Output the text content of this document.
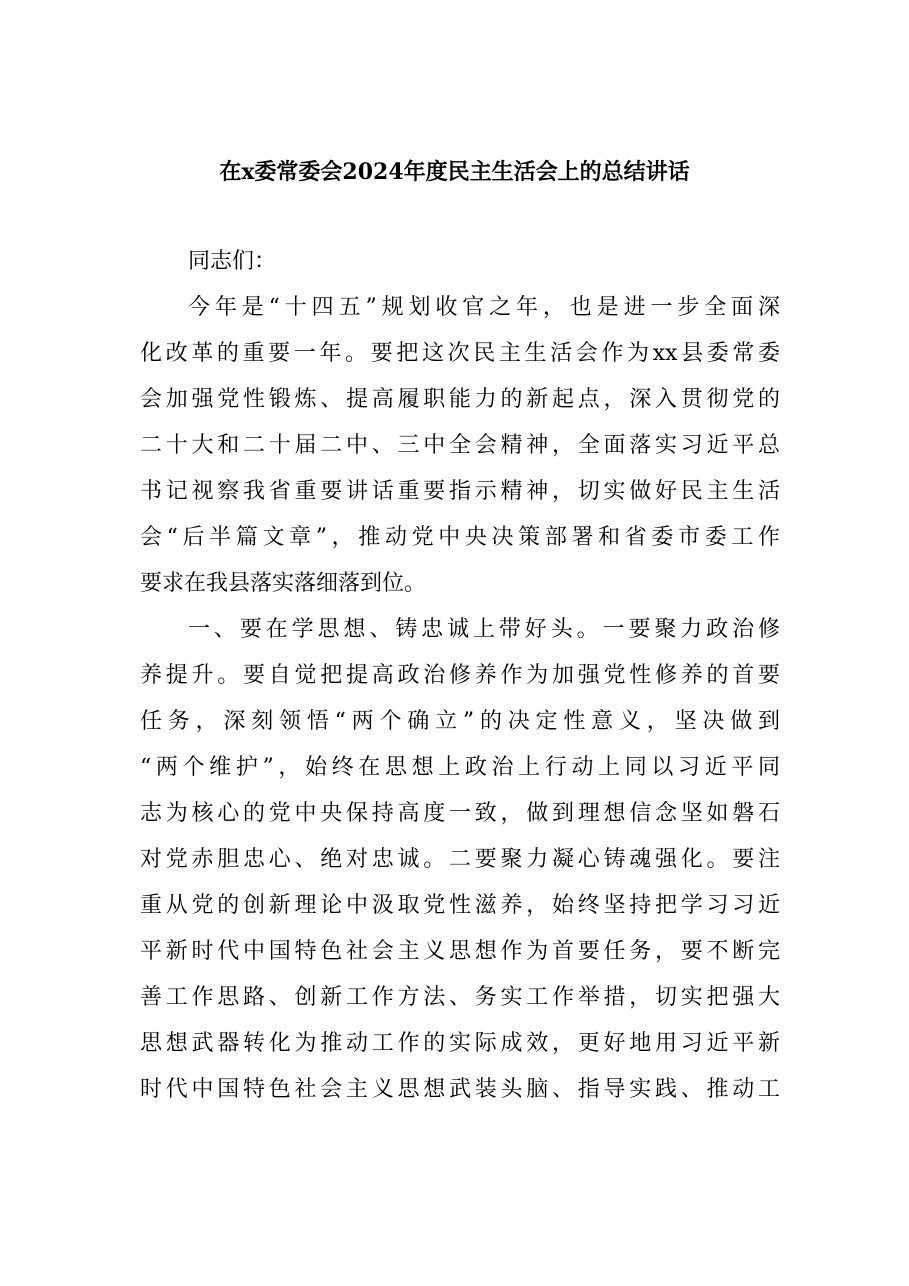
在x委常委会2024年度民主生活会上的总结讲话
同志们：
今年是“十四五”规划收官之年，也是进一步全面深
化改革的重要一年。要把这次民主生活会作为xx县委常委
会加强党性锻炼、提高履职能力的新起点，深入贯彻党的
二十大和二十届二中、三中全会精神，全面落实习近平总
书记视察我省重要讲话重要指示精神，切实做好民主生活
会“后半篇文章”，推动党中央决策部署和省委市委工作
要求在我县落实落细落到位。
一、要在学思想、铸忠诚上带好头。一要聚力政治修
养提升。要自觉把提高政治修养作为加强党性修养的首要
任务，深刻领悟“两个确立”的决定性意义，坚决做到
“两个维护”，始终在思想上政治上行动上同以习近平同
志为核心的党中央保持高度一致，做到理想信念坚如磐石
对党赤胆忠心、绝对忠诚。二要聚力凝心铸魂强化。要注
重从党的创新理论中汲取党性滋养，始终坚持把学习习近
平新时代中国特色社会主义思想作为首要任务，要不断完
善工作思路、创新工作方法、务实工作举措，切实把强大
思想武器转化为推动工作的实际成效，更好地用习近平新
时代中国特色社会主义思想武装头脑、指导实践、推动工
